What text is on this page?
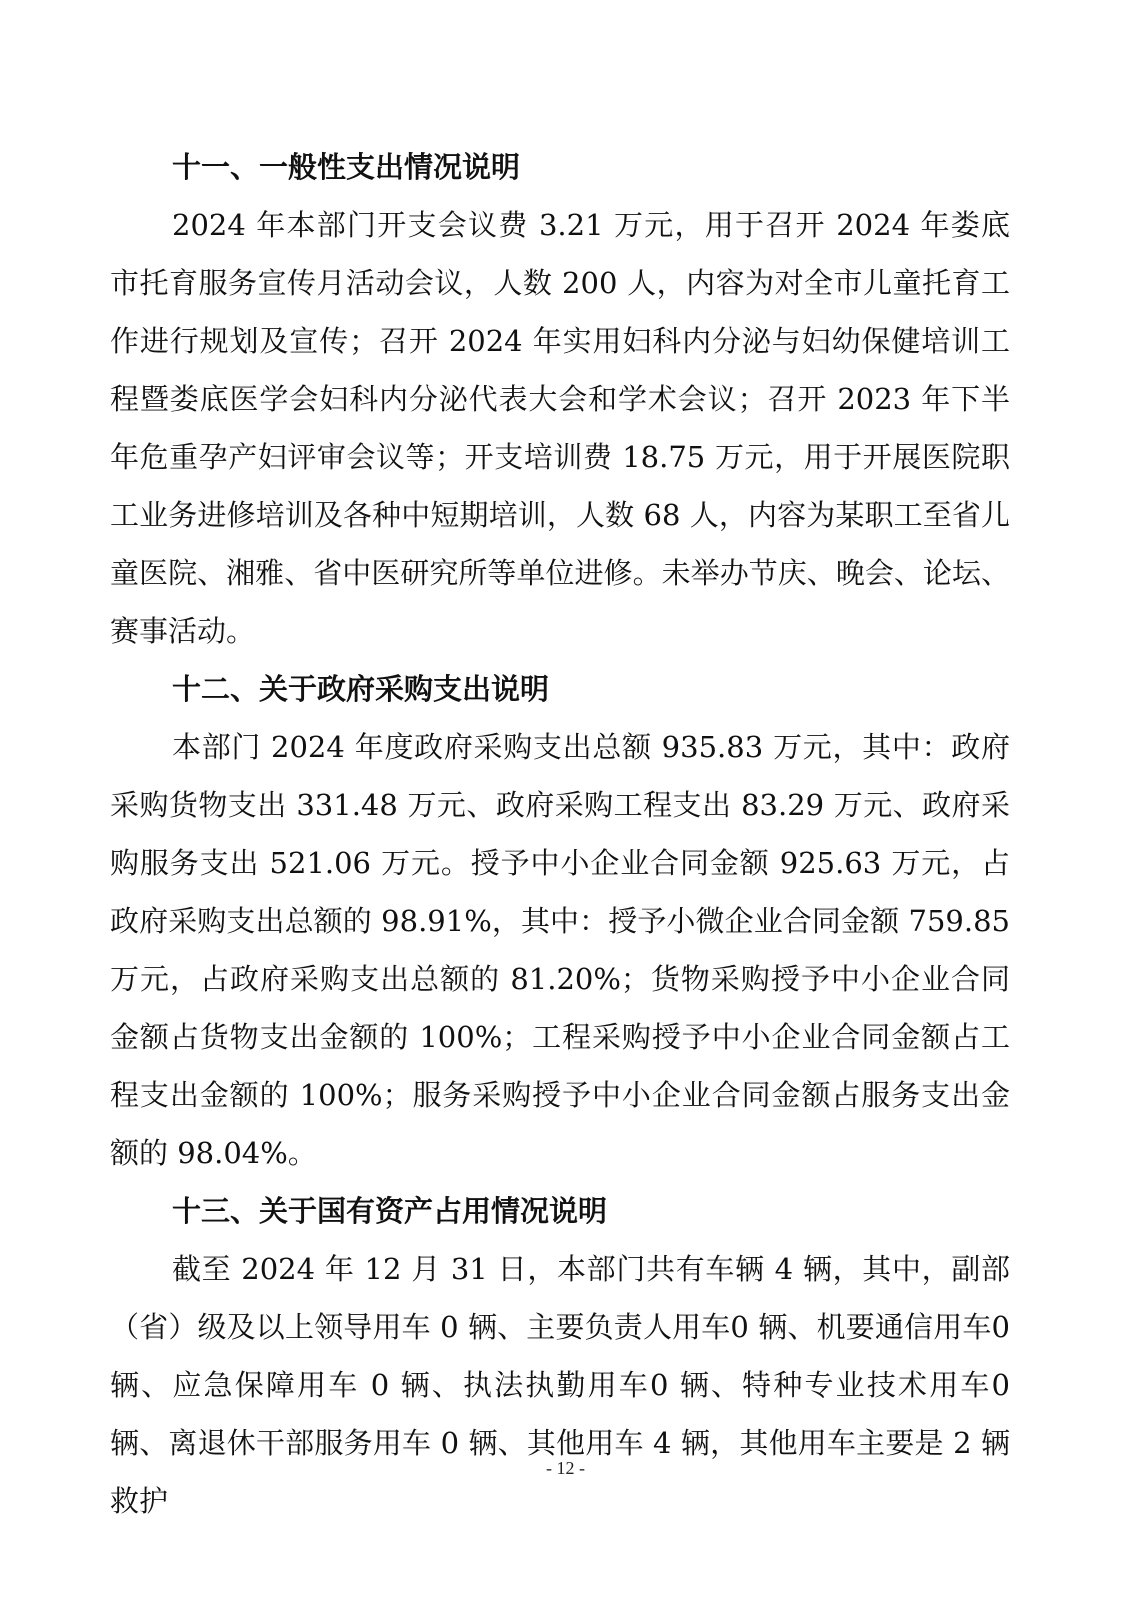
十一、一般性支出情况说明

2024 年本部门开支会议费 3.21 万元，用于召开 2024 年娄底市托育服务宣传月活动会议，人数 200 人，内容为对全市儿童托育工作进行规划及宣传；召开 2024 年实用妇科内分泌与妇幼保健培训工程暨娄底医学会妇科内分泌代表大会和学术会议；召开 2023 年下半年危重孕产妇评审会议等；开支培训费 18.75 万元，用于开展医院职工业务进修培训及各种中短期培训，人数 68 人，内容为某职工至省儿童医院、湘雅、省中医研究所等单位进修。未举办节庆、晚会、论坛、赛事活动。

十二、关于政府采购支出说明

本部门 2024 年度政府采购支出总额 935.83 万元，其中：政府采购货物支出 331.48 万元、政府采购工程支出 83.29 万元、政府采购服务支出 521.06 万元。授予中小企业合同金额 925.63 万元，占政府采购支出总额的 98.91%，其中：授予小微企业合同金额 759.85 万元，占政府采购支出总额的 81.20%；货物采购授予中小企业合同金额占货物支出金额的 100%；工程采购授予中小企业合同金额占工程支出金额的 100%；服务采购授予中小企业合同金额占服务支出金额的 98.04%。

十三、关于国有资产占用情况说明

截至 2024 年 12 月 31 日，本部门共有车辆 4 辆，其中，副部（省）级及以上领导用车 0 辆、主要负责人用车0 辆、机要通信用车0 辆、应急保障用车 0 辆、执法执勤用车0 辆、特种专业技术用车0 辆、离退休干部服务用车 0 辆、其他用车 4 辆，其他用车主要是 2 辆救护

- 12 -
